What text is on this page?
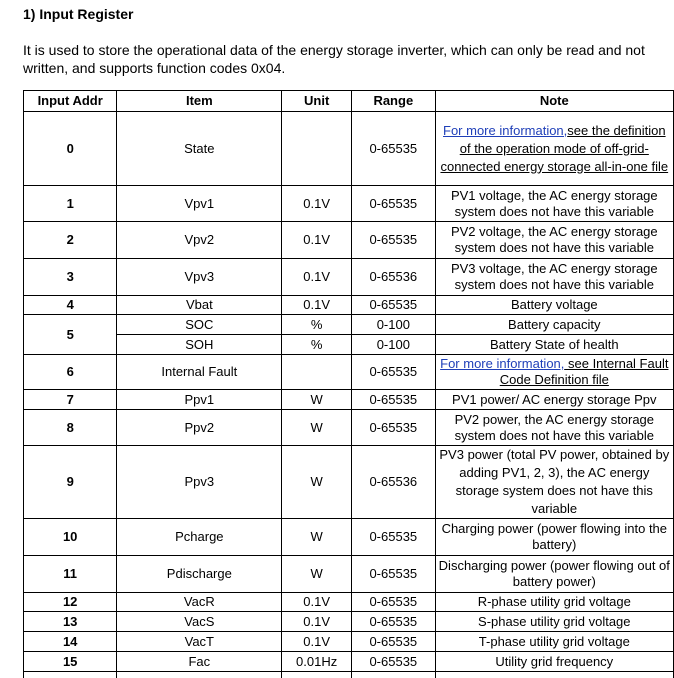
1) Input Register
It is used to store the operational data of the energy storage inverter, which can only be read and not written, and supports function codes 0x04.
Input Addr	Item	Unit	Range	Note
0	State		0-65535	For more information,see the definition of the operation mode of off-grid-connected energy storage all-in-one file
1	Vpv1	0.1V	0-65535	PV1 voltage, the AC energy storage system does not have this variable
2	Vpv2	0.1V	0-65535	PV2 voltage, the AC energy storage system does not have this variable
3	Vpv3	0.1V	0-65536	PV3 voltage, the AC energy storage system does not have this variable
4	Vbat	0.1V	0-65535	Battery voltage
5	SOC	%	0-100	Battery capacity
	SOH	%	0-100	Battery State of health
6	Internal Fault		0-65535	For more information, see Internal Fault Code Definition file
7	Ppv1	W	0-65535	PV1 power/ AC energy storage Ppv
8	Ppv2	W	0-65535	PV2 power, the AC energy storage system does not have this variable
9	Ppv3	W	0-65536	PV3 power (total PV power, obtained by adding PV1, 2, 3), the AC energy storage system does not have this variable
10	Pcharge	W	0-65535	Charging power (power flowing into the battery)
11	Pdischarge	W	0-65535	Discharging power (power flowing out of battery power)
12	VacR	0.1V	0-65535	R-phase utility grid voltage
13	VacS	0.1V	0-65535	S-phase utility grid voltage
14	VacT	0.1V	0-65535	T-phase utility grid voltage
15	Fac	0.01Hz	0-65535	Utility grid frequency
